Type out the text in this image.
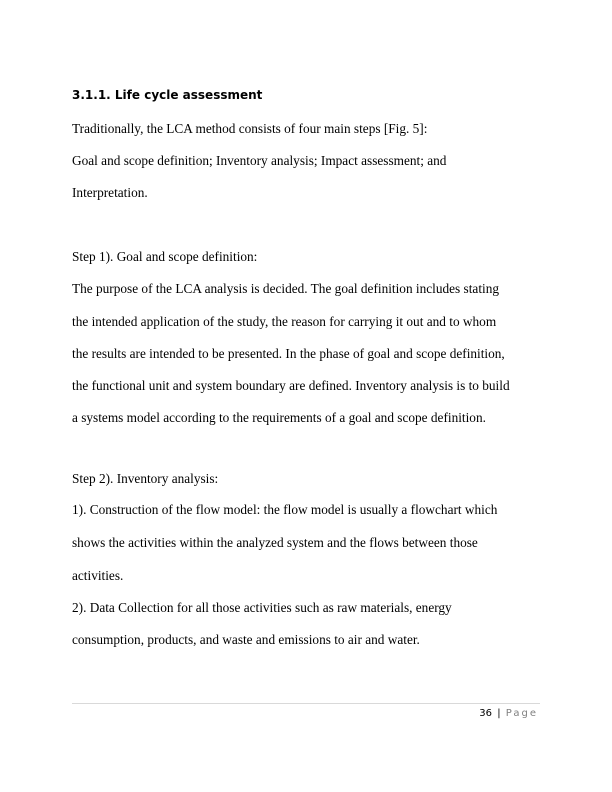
3.1.1. Life cycle assessment
Traditionally, the LCA method consists of four main steps [Fig. 5]:
Goal and scope definition; Inventory analysis; Impact assessment; and
Interpretation.
Step 1). Goal and scope definition:
The purpose of the LCA analysis is decided. The goal definition includes stating
the intended application of the study, the reason for carrying it out and to whom
the results are intended to be presented. In the phase of goal and scope definition,
the functional unit and system boundary are defined. Inventory analysis is to build
a systems model according to the requirements of a goal and scope definition.
Step 2). Inventory analysis:
1). Construction of the flow model: the flow model is usually a flowchart which
shows the activities within the analyzed system and the flows between those
activities.
2). Data Collection for all those activities such as raw materials, energy
consumption, products, and waste and emissions to air and water.
36 | Page
